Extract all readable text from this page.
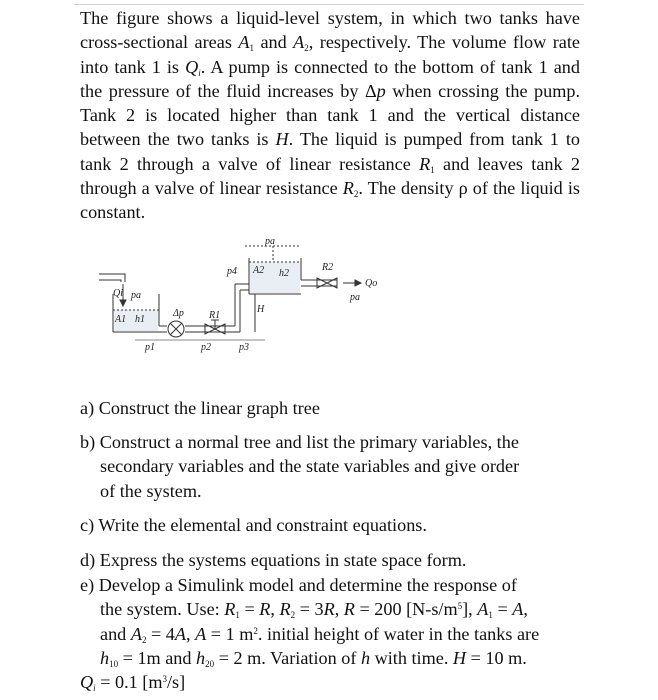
The figure shows a liquid-level system, in which two tanks have cross-sectional areas $A_1$ and $A_2$, respectively. The volume flow rate into tank 1 is $Q_i$. A pump is connected to the bottom of tank 1 and the pressure of the fluid increases by Δp when crossing the pump. Tank 2 is located higher than tank 1 and the vertical distance between the two tanks is H. The liquid is pumped from tank 1 to tank 2 through a valve of linear resistance $R_1$ and leaves tank 2 through a valve of linear resistance $R_2$. The density ρ of the liquid is constant.
pa
p4 A2 h2
R2
Qo
pa
Qi pa
A1 h1
Δp	R1
H
p1	p2	p3
a) Construct the linear graph tree
b) Construct a normal tree and list the primary variables, the
secondary variables and the state variables and give order
of the system.
c) Write the elemental and constraint equations.
d) Express the systems equations in state space form.
e) Develop a Simulink model and determine the response of
the system. Use: $R_1 = R$, $R_2 = 3R$, R = 200 $[N-s/m^5]$, $A_1 = A$,
and $A_2 = 4A$, A = 1 $m^2$. initial height of water in the tanks are
$h_{10} = 1m$ and $h_{20} = 2$ m. Variation of h with time. H = 10 m.
$Q_i = 0.1$ $[m^3/s]$
